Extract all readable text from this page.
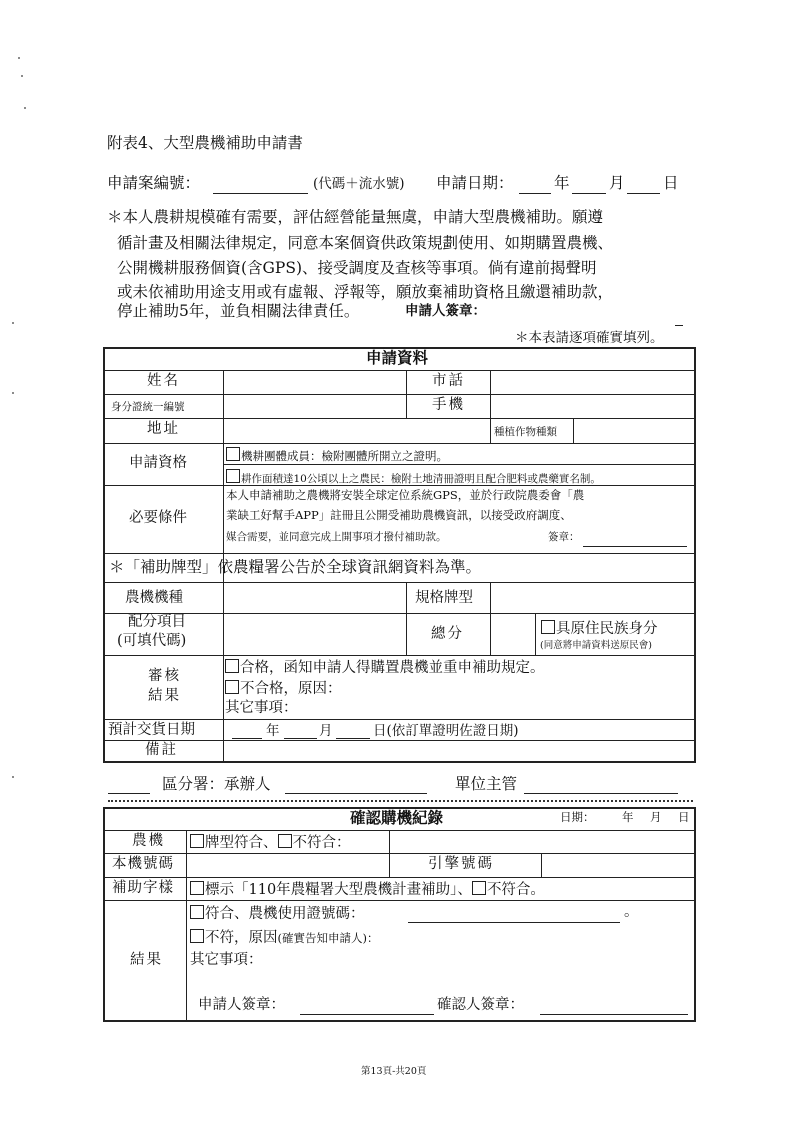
附表4、大型農機補助申請書
申請案編號：	(代碼＋流水號) 申請日期：	年	月 日
＊本人農耕規模確有需要，評估經營能量無虞，申請大型農機補助。願遵
循計畫及相關法律規定，同意本案個資供政策規劃使用、如期購置農機、
公開機耕服務個資(含GPS)、接受調度及查核等事項。倘有違前揭聲明
或未依補助用途支用或有虛報、浮報等，願放棄補助資格且繳還補助款，
停止補助5年，並負相關法律責任。	申請人簽章：
＊本表請逐項確實填列。
申請資料
姓名	市話
身分證統一編號	手機
地址	種植作物種類
申請資格	機耕團體成員：檢附團體所開立之證明。
耕作面積達10公頃以上之農民：檢附土地清冊證明且配合肥料或農藥實名制。
必要條件
本人申請補助之農機將安裝全球定位系統GPS，並於行政院農委會「農
業缺工好幫手APP」註冊且公開受補助農機資訊，以接受政府調度、
媒合需要，並同意完成上開事項才撥付補助款。	簽章：
＊「補助牌型」依農糧署公告於全球資訊網資料為準。
農機機種	規格牌型
配分項目
(可填代碼)	總分	具原住民族身分
(同意將申請資料送原民會)
審核
結果
合格，函知申請人得購置農機並重申補助規定。
不合格，原因：
其它事項：
預計交貨日期	年	月	日(依訂單證明佐證日期)
備註
區分署：承辦人	單位主管
確認購機紀錄	日期： 年 月 日
農機	牌型符合、 不符合：
本機號碼	引擎號碼
補助字樣	標示「110年農糧署大型農機計畫補助」、 不符合。
結果
符合、農機使用證號碼：	。
不符，原因(確實告知申請人)：
其它事項：
申請人簽章：	確認人簽章：
第13頁-共20頁
